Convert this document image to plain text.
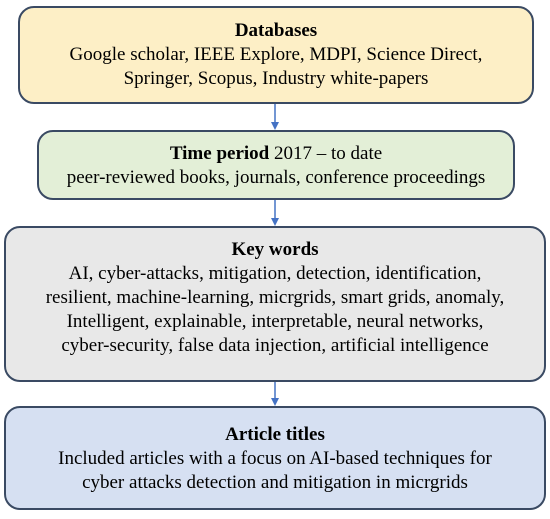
Databases
Google scholar, IEEE Explore, MDPI, Science Direct,
Springer, Scopus, Industry white-papers
Time period 2017 – to date
peer-reviewed books, journals, conference proceedings
Key words
AI, cyber-attacks, mitigation, detection, identification,
resilient, machine-learning, micrgrids, smart grids, anomaly,
Intelligent, explainable, interpretable, neural networks,
cyber-security, false data injection, artificial intelligence
Article titles
Included articles with a focus on AI-based techniques for
cyber attacks detection and mitigation in micrgrids
